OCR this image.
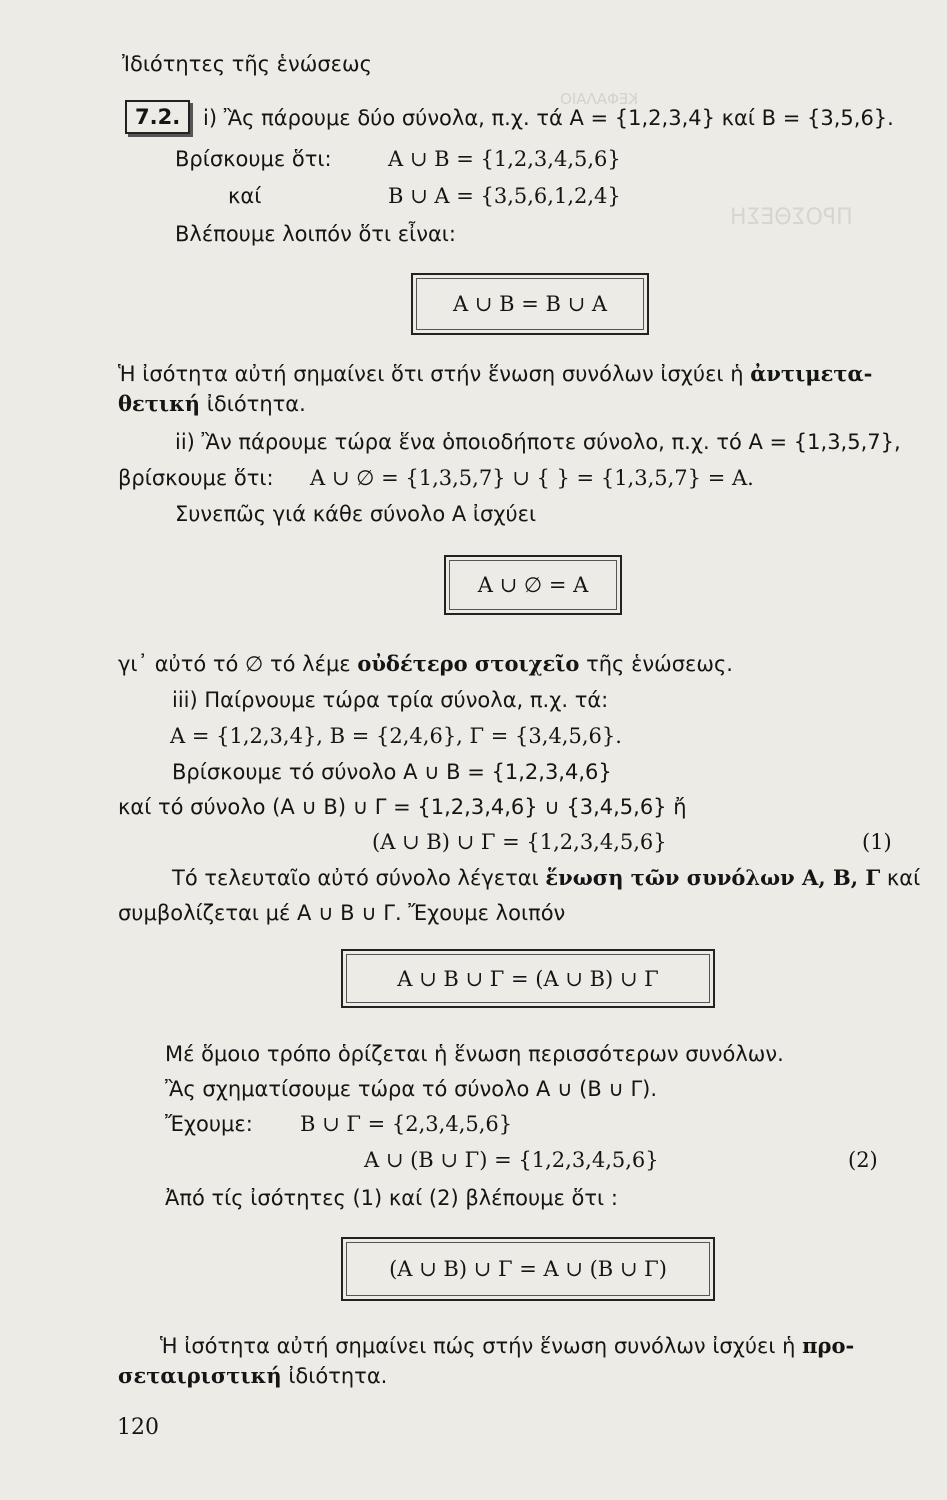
ΚΕΦΑΛΑΙΟ
ΠΡΟΣΘΕΣΗ
Ἰδιότητες τῆς ἑνώσεως
7.2.	i) Ἂς πάρουμε δύο σύνολα, π.χ. τά A = {1,2,3,4} καί B = {3,5,6}.
Βρίσκουμε ὅτι:	A ∪ B = {1,2,3,4,5,6}
καί	B ∪ A = {3,5,6,1,2,4}
Βλέπουμε λοιπόν ὅτι εἶναι:
A ∪ B = B ∪ A
Ἡ ἰσότητα αὐτή σημαίνει ὅτι στήν ἕνωση συνόλων ἰσχύει ἡ ἀντιμετα-
θετική ἰδιότητα.
ii) Ἂν πάρουμε τώρα ἕνα ὁποιοδήποτε σύνολο, π.χ. τό A = {1,3,5,7},
βρίσκουμε ὅτι: A ∪ ∅ = {1,3,5,7} ∪ { } = {1,3,5,7} = A.
Συνεπῶς γιά κάθε σύνολο A ἰσχύει
A ∪ ∅ = A
γι᾿ αὐτό τό ∅ τό λέμε οὐδέτερο στοιχεῖο τῆς ἑνώσεως.
iii) Παίρνουμε τώρα τρία σύνολα, π.χ. τά:
A = {1,2,3,4}, B = {2,4,6}, Γ = {3,4,5,6}.
Βρίσκουμε τό σύνολο A ∪ B = {1,2,3,4,6}
καί τό σύνολο (A ∪ B) ∪ Γ = {1,2,3,4,6} ∪ {3,4,5,6} ἤ
(A ∪ B) ∪ Γ = {1,2,3,4,5,6}	(1)
Τό τελευταῖο αὐτό σύνολο λέγεται ἕνωση τῶν συνόλων A, B, Γ καί
συμβολίζεται μέ A ∪ B ∪ Γ. Ἔχουμε λοιπόν
A ∪ B ∪ Γ = (A ∪ B) ∪ Γ
Μέ ὅμοιο τρόπο ὁρίζεται ἡ ἕνωση περισσότερων συνόλων.
Ἂς σχηματίσουμε τώρα τό σύνολο A ∪ (B ∪ Γ).
Ἔχουμε: B ∪ Γ = {2,3,4,5,6}
A ∪ (B ∪ Γ) = {1,2,3,4,5,6}	(2)
Ἀπό τίς ἰσότητες (1) καί (2) βλέπουμε ὅτι :
(A ∪ B) ∪ Γ = A ∪ (B ∪ Γ)
Ἡ ἰσότητα αὐτή σημαίνει πώς στήν ἕνωση συνόλων ἰσχύει ἡ προ-
σεταιριστική ἰδιότητα.
120
